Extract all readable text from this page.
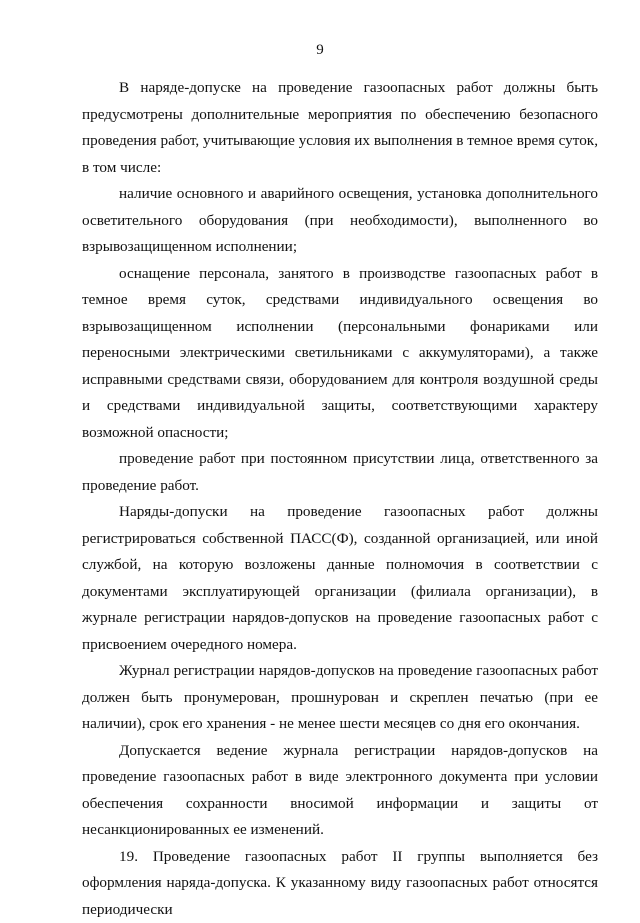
9

В наряде-допуске на проведение газоопасных работ должны быть предусмотрены дополнительные мероприятия по обеспечению безопасного проведения работ, учитывающие условия их выполнения в темное время суток, в том числе:

наличие основного и аварийного освещения, установка дополнительного осветительного оборудования (при необходимости), выполненного во взрывозащищенном исполнении;

оснащение персонала, занятого в производстве газоопасных работ в темное время суток, средствами индивидуального освещения во взрывозащищенном исполнении (персональными фонариками или переносными электрическими светильниками с аккумуляторами), а также исправными средствами связи, оборудованием для контроля воздушной среды и средствами индивидуальной защиты, соответствующими характеру возможной опасности;

проведение работ при постоянном присутствии лица, ответственного за проведение работ.

Наряды-допуски на проведение газоопасных работ должны регистрироваться собственной ПАСС(Ф), созданной организацией, или иной службой, на которую возложены данные полномочия в соответствии с документами эксплуатирующей организации (филиала организации), в журнале регистрации нарядов-допусков на проведение газоопасных работ с присвоением очередного номера.

Журнал регистрации нарядов-допусков на проведение газоопасных работ должен быть пронумерован, прошнурован и скреплен печатью (при ее наличии), срок его хранения - не менее шести месяцев со дня его окончания.

Допускается ведение журнала регистрации нарядов-допусков на проведение газоопасных работ в виде электронного документа при условии обеспечения сохранности вносимой информации и защиты от несанкционированных ее изменений.

19. Проведение газоопасных работ II группы выполняется без оформления наряда-допуска. К указанному виду газоопасных работ относятся периодически
